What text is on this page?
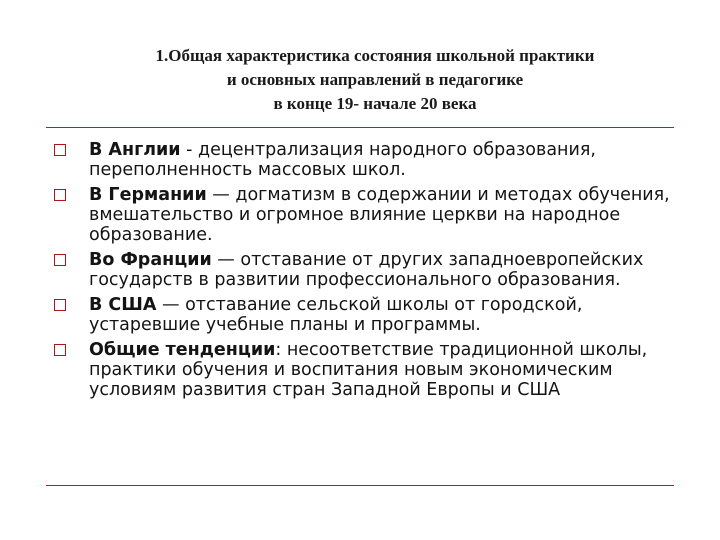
1.Общая характеристика состояния школьной практики
и основных направлений в педагогике
в конце 19- начале 20 века
В Англии - децентрализация народного образования, переполненность массовых школ.
В Германии — догматизм в содержании и методах обучения, вмешательство и огромное влияние церкви на народное образование.
Во Франции — отставание от других западноевропейских государств в развитии профессионального образования.
В США — отставание сельской школы от городской, устаревшие учебные планы и программы.
Общие тенденции: несоответствие традиционной школы, практики обучения и воспитания новым экономическим условиям развития стран Западной Европы и США
